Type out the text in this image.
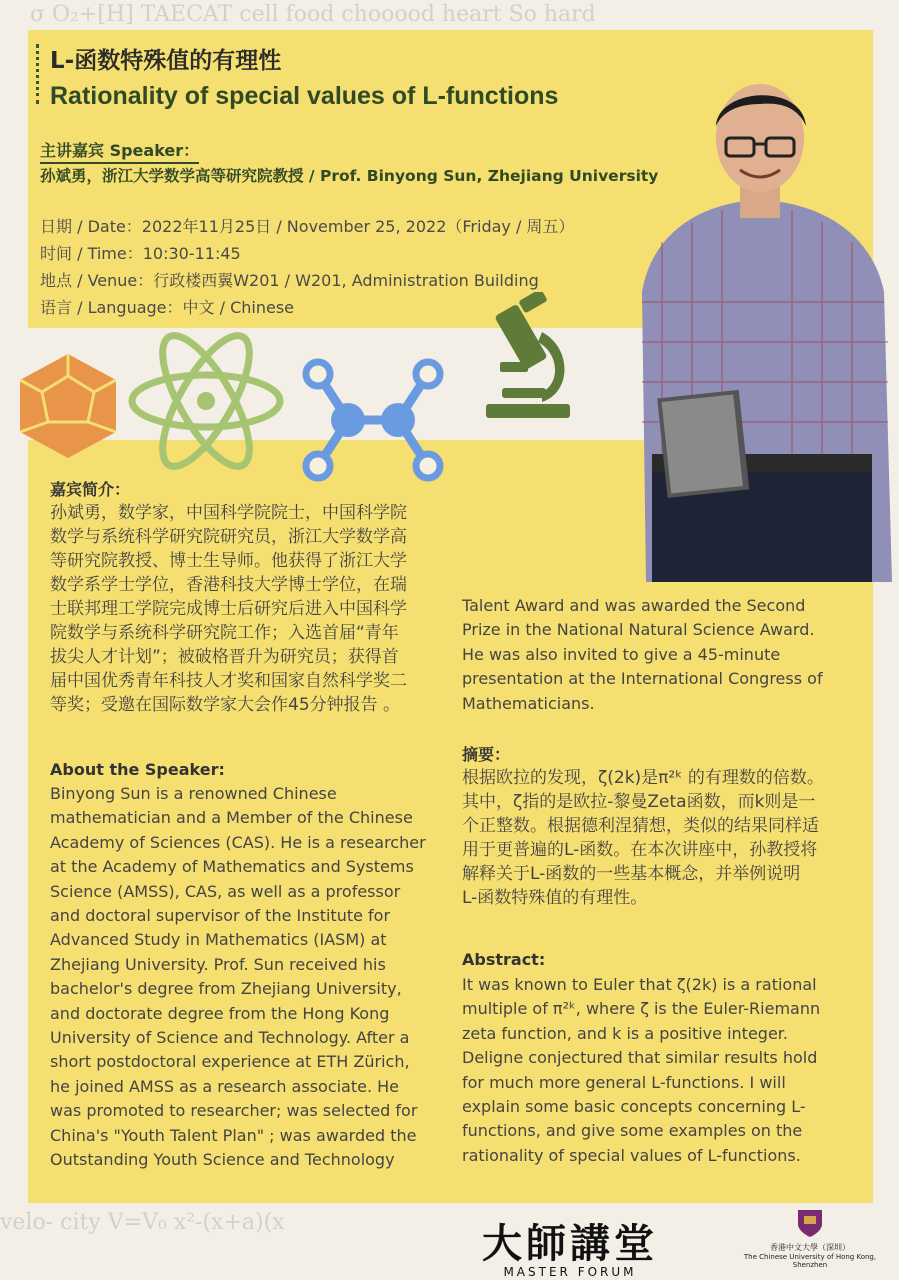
σ O₂+[H] TAECAT cell food chooood heart So hard
velo- city V=V₀ x²-(x+a)(x
L-函数特殊值的有理性
Rationality of special values of L-functions
主讲嘉宾 Speaker：
孙斌勇，浙江大学数学高等研究院教授 / Prof. Binyong Sun, Zhejiang University
日期 / Date：2022年11月25日 / November 25, 2022（Friday / 周五）
时间 / Time：10:30-11:45
地点 / Venue：行政楼西翼W201 / W201, Administration Building
语言 / Language：中文 / Chinese
嘉宾简介：
孙斌勇，数学家，中国科学院院士，中国科学院
数学与系统科学研究院研究员，浙江大学数学高
等研究院教授、博士生导师。他获得了浙江大学
数学系学士学位，香港科技大学博士学位，在瑞
士联邦理工学院完成博士后研究后进入中国科学
院数学与系统科学研究院工作；入选首届“青年
拔尖人才计划”；被破格晋升为研究员；获得首
届中国优秀青年科技人才奖和国家自然科学奖二
等奖；受邀在国际数学家大会作45分钟报告 。
About the Speaker:
Binyong Sun is a renowned Chinese
mathematician and a Member of the Chinese
Academy of Sciences (CAS). He is a researcher
at the Academy of Mathematics and Systems
Science (AMSS), CAS, as well as a professor
and doctoral supervisor of the Institute for
Advanced Study in Mathematics (IASM) at
Zhejiang University. Prof. Sun received his
bachelor's degree from Zhejiang University,
and doctorate degree from the Hong Kong
University of Science and Technology. After a
short postdoctoral experience at ETH Zürich,
he joined AMSS as a research associate. He
was promoted to researcher; was selected for
China's "Youth Talent Plan" ; was awarded the
Outstanding Youth Science and Technology
Talent Award and was awarded the Second
Prize in the National Natural Science Award.
He was also invited to give a 45-minute
presentation at the International Congress of
Mathematicians.
摘要：
根据欧拉的发现，ζ(2k)是π²ᵏ 的有理数的倍数。
其中，ζ指的是欧拉-黎曼Zeta函数，而k则是一
个正整数。根据德利涅猜想，类似的结果同样适
用于更普遍的L-函数。在本次讲座中，孙教授将
解释关于L-函数的一些基本概念，并举例说明
L-函数特殊值的有理性。
Abstract:
It was known to Euler that ζ(2k) is a rational
multiple of π²ᵏ, where ζ is the Euler-Riemann
zeta function, and k is a positive integer.
Deligne conjectured that similar results hold
for much more general L-functions. I will
explain some basic concepts concerning L-
functions, and give some examples on the
rationality of special values of L-functions.
大師講堂
MASTER FORUM
香港中文大學（深圳）
The Chinese University of Hong Kong, Shenzhen
